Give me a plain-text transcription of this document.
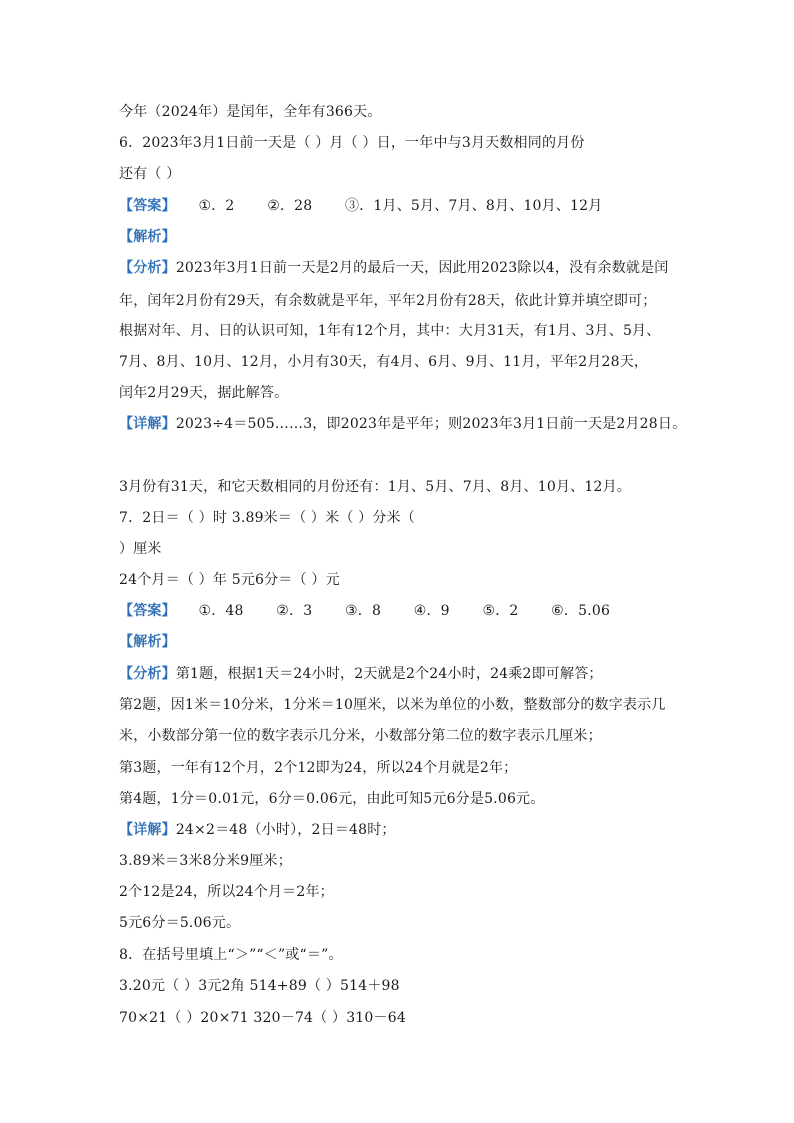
今年（2024年）是闰年，全年有366天。
6．2023年3月1日前一天是（ ）月（ ）日，一年中与3月天数相同的月份
还有（ ）
【答案】 ①．2 ②．28 ③．1月、5月、7月、8月、10月、12月
【解析】
【分析】2023年3月1日前一天是2月的最后一天，因此用2023除以4，没有余数就是闰
年，闰年2月份有29天，有余数就是平年，平年2月份有28天，依此计算并填空即可；
根据对年、月、日的认识可知，1年有12个月，其中：大月31天，有1月、3月、5月、
7月、8月、10月、12月，小月有30天，有4月、6月、9月、11月，平年2月28天，
闰年2月29天，据此解答。
【详解】2023÷4＝505……3，即2023年是平年；则2023年3月1日前一天是2月28日。
3月份有31天，和它天数相同的月份还有：1月、5月、7月、8月、10月、12月。
7．2日＝（ ）时 3.89米＝（ ）米（ ）分米（
）厘米
24个月＝（ ）年 5元6分＝（ ）元
【答案】 ①．48 ②．3 ③．8 ④．9 ⑤．2 ⑥．5.06
【解析】
【分析】第1题，根据1天＝24小时，2天就是2个24小时，24乘2即可解答；
第2题，因1米＝10分米，1分米＝10厘米，以米为单位的小数，整数部分的数字表示几
米，小数部分第一位的数字表示几分米，小数部分第二位的数字表示几厘米；
第3题，一年有12个月，2个12即为24，所以24个月就是2年；
第4题，1分＝0.01元，6分＝0.06元，由此可知5元6分是5.06元。
【详解】24×2＝48（小时），2日＝48时；
3.89米＝3米8分米9厘米；
2个12是24，所以24个月＝2年；
5元6分＝5.06元。
8．在括号里填上“＞”“＜”或“＝”。
3.20元（ ）3元2角 514+89（ ）514＋98
70×21（ ）20×71 320－74（ ）310－64
